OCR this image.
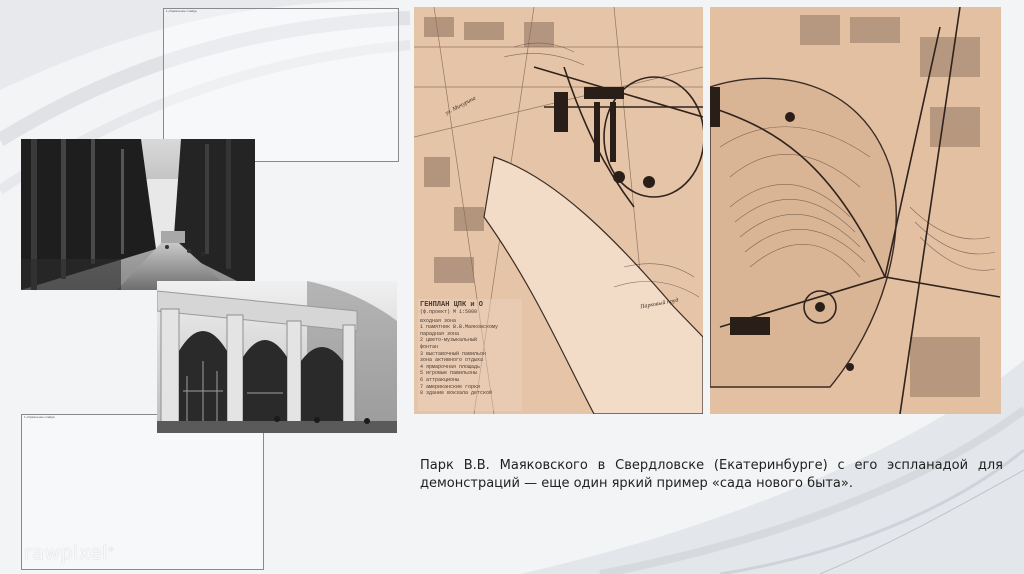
1 обрамление слайда
1 обрамление слайда
ул. Мичурина
Парковый пруд
ГЕНПЛАН ЦПК и О
(ф.проект) М 1:5000
входная зона
1 памятник В.В.Маяковскому
парадная зона
2 цвето-музыкальный
фонтан
3 выставочный павильон
зона активного отдыха
4 ярмарочная площадь
5 игровые павильоны
6 аттракционы
7 американские горки
8 здание вокзала детской
Парк В.В. Маяковского в Свердловске (Екатеринбурге) с его эспланадой для демонстраций — еще один яркий пример «сада нового быта».
rawpixel®
